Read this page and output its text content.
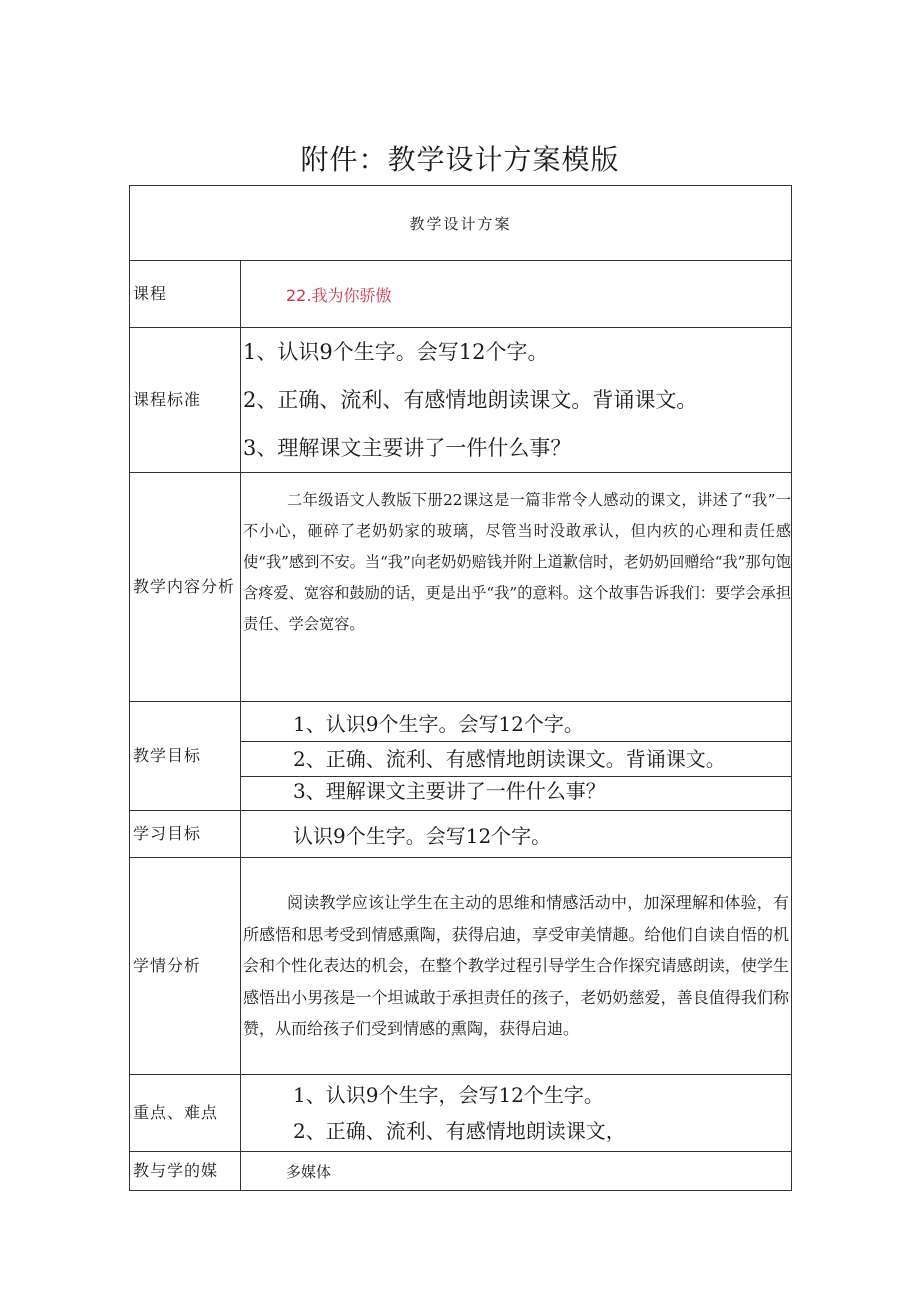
附件：教学设计方案模版
教学设计方案	
课程	22.我为你骄傲
课程标准	1、认识9个生字。会写12个字。
2、正确、流利、有感情地朗读课文。背诵课文。
3、理解课文主要讲了一件什么事？

教学内容分析	二年级语文人教版下册22课这是一篇非常令人感动的课文，讲述了“我”一不小心，砸碎了老奶奶家的玻璃，尽管当时没敢承认，但内疚的心理和责任感使“我”感到不安。当“我”向老奶奶赔钱并附上道歉信时，老奶奶回赠给“我”那句饱含疼爱、宽容和鼓励的话，更是出乎“我”的意料。这个故事告诉我们：要学会承担责任、学会宽容。

教学目标	1、认识9个生字。会写12个字。
2、正确、流利、有感情地朗读课文。背诵课文。
3、理解课文主要讲了一件什么事？

学习目标	认识9个生字。会写12个字。
学情分析	阅读教学应该让学生在主动的思维和情感活动中，加深理解和体验，有所感悟和思考受到情感熏陶，获得启迪，享受审美情趣。给他们自读自悟的机会和个性化表达的机会，在整个教学过程引导学生合作探究请感朗读，使学生感悟出小男孩是一个坦诚敢于承担责任的孩子，老奶奶慈爱，善良值得我们称赞，从而给孩子们受到情感的熏陶，获得启迪。

重点、难点	1、认识9个生字，会写12个生字。
2、正确、流利、有感情地朗读课文，

教与学的媒	多媒体
